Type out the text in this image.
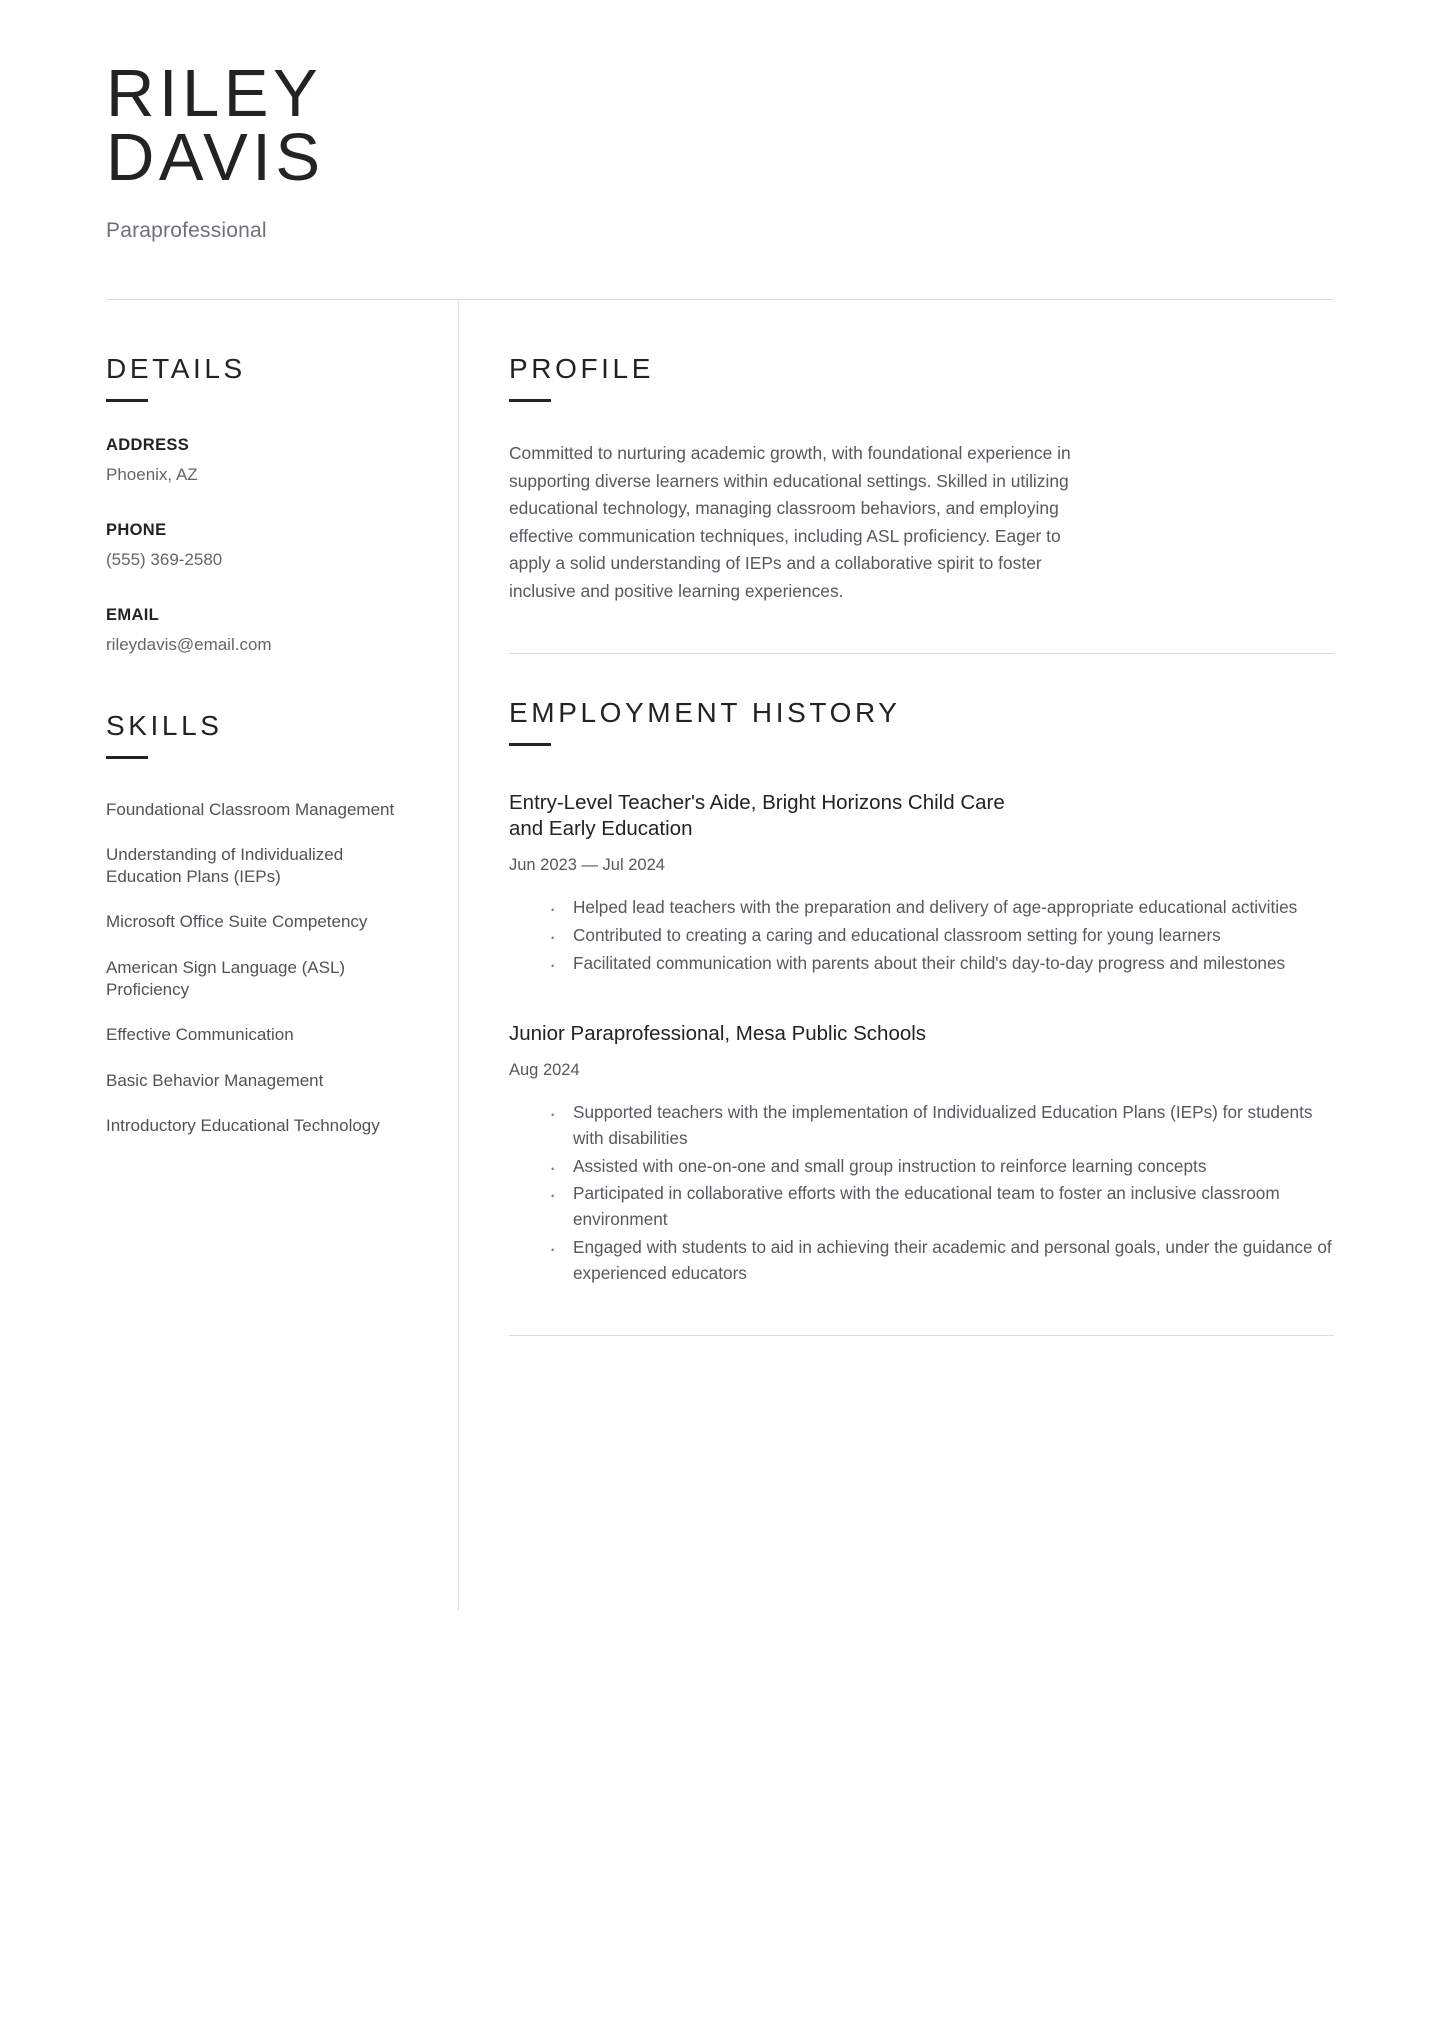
RILEY
DAVIS

Paraprofessional

DETAILS

ADDRESS

Phoenix, AZ

PHONE

(555) 369-2580

EMAIL

rileydavis@email.com

SKILLS
Foundational Classroom Management
Understanding of Individualized Education Plans (IEPs)
Microsoft Office Suite Competency
American Sign Language (ASL) Proficiency
Effective Communication
Basic Behavior Management
Introductory Educational Technology
PROFILE

Committed to nurturing academic growth, with foundational experience in supporting diverse learners within educational settings. Skilled in utilizing educational technology, managing classroom behaviors, and employing effective communication techniques, including ASL proficiency. Eager to apply a solid understanding of IEPs and a collaborative spirit to foster inclusive and positive learning experiences.

EMPLOYMENT HISTORY
Entry-Level Teacher's Aide, Bright Horizons Child Care and Early Education

Jun 2023 — Jul 2024

· Helped lead teachers with the preparation and delivery of age-appropriate educational activities
· Contributed to creating a caring and educational classroom setting for young learners
· Facilitated communication with parents about their child's day-to-day progress and milestones
Junior Paraprofessional, Mesa Public Schools

Aug 2024

· Supported teachers with the implementation of Individualized Education Plans (IEPs) for students with disabilities
· Assisted with one-on-one and small group instruction to reinforce learning concepts
· Participated in collaborative efforts with the educational team to foster an inclusive classroom environment
· Engaged with students to aid in achieving their academic and personal goals, under the guidance of experienced educators
